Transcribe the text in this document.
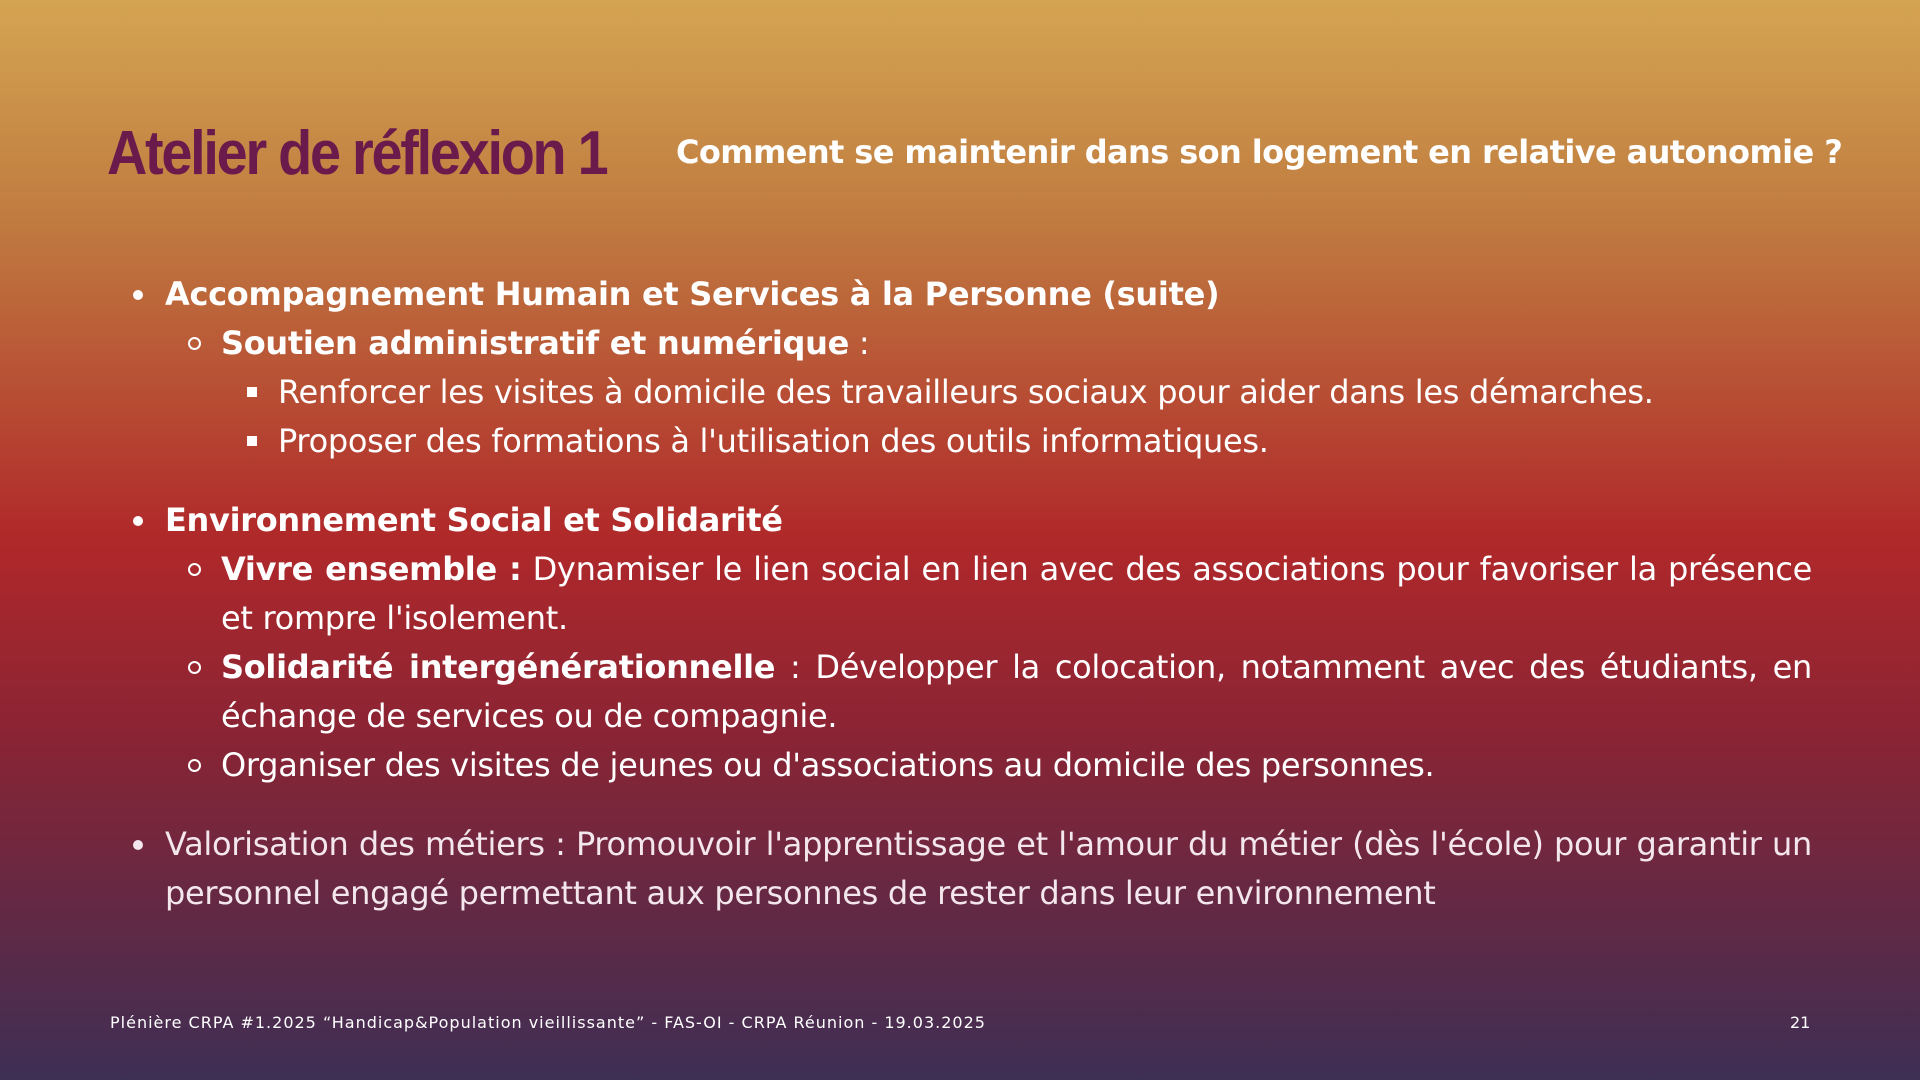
Atelier de réflexion 1 Comment se maintenir dans son logement en relative autonomie ?
Accompagnement Humain et Services à la Personne (suite)
Soutien administratif et numérique :
Renforcer les visites à domicile des travailleurs sociaux pour aider dans les démarches.
Proposer des formations à l'utilisation des outils informatiques.
Environnement Social et Solidarité
Vivre ensemble : Dynamiser le lien social en lien avec des associations pour favoriser la présence et rompre l'isolement.
Solidarité intergénérationnelle : Développer la colocation, notamment avec des étudiants, en échange de services ou de compagnie.
Organiser des visites de jeunes ou d'associations au domicile des personnes.
Valorisation des métiers : Promouvoir l'apprentissage et l'amour du métier (dès l'école) pour garantir un personnel engagé permettant aux personnes de rester dans leur environnement
Plénière CRPA #1.2025 “Handicap&Population vieillissante” - FAS-OI - CRPA Réunion - 19.03.2025	21
